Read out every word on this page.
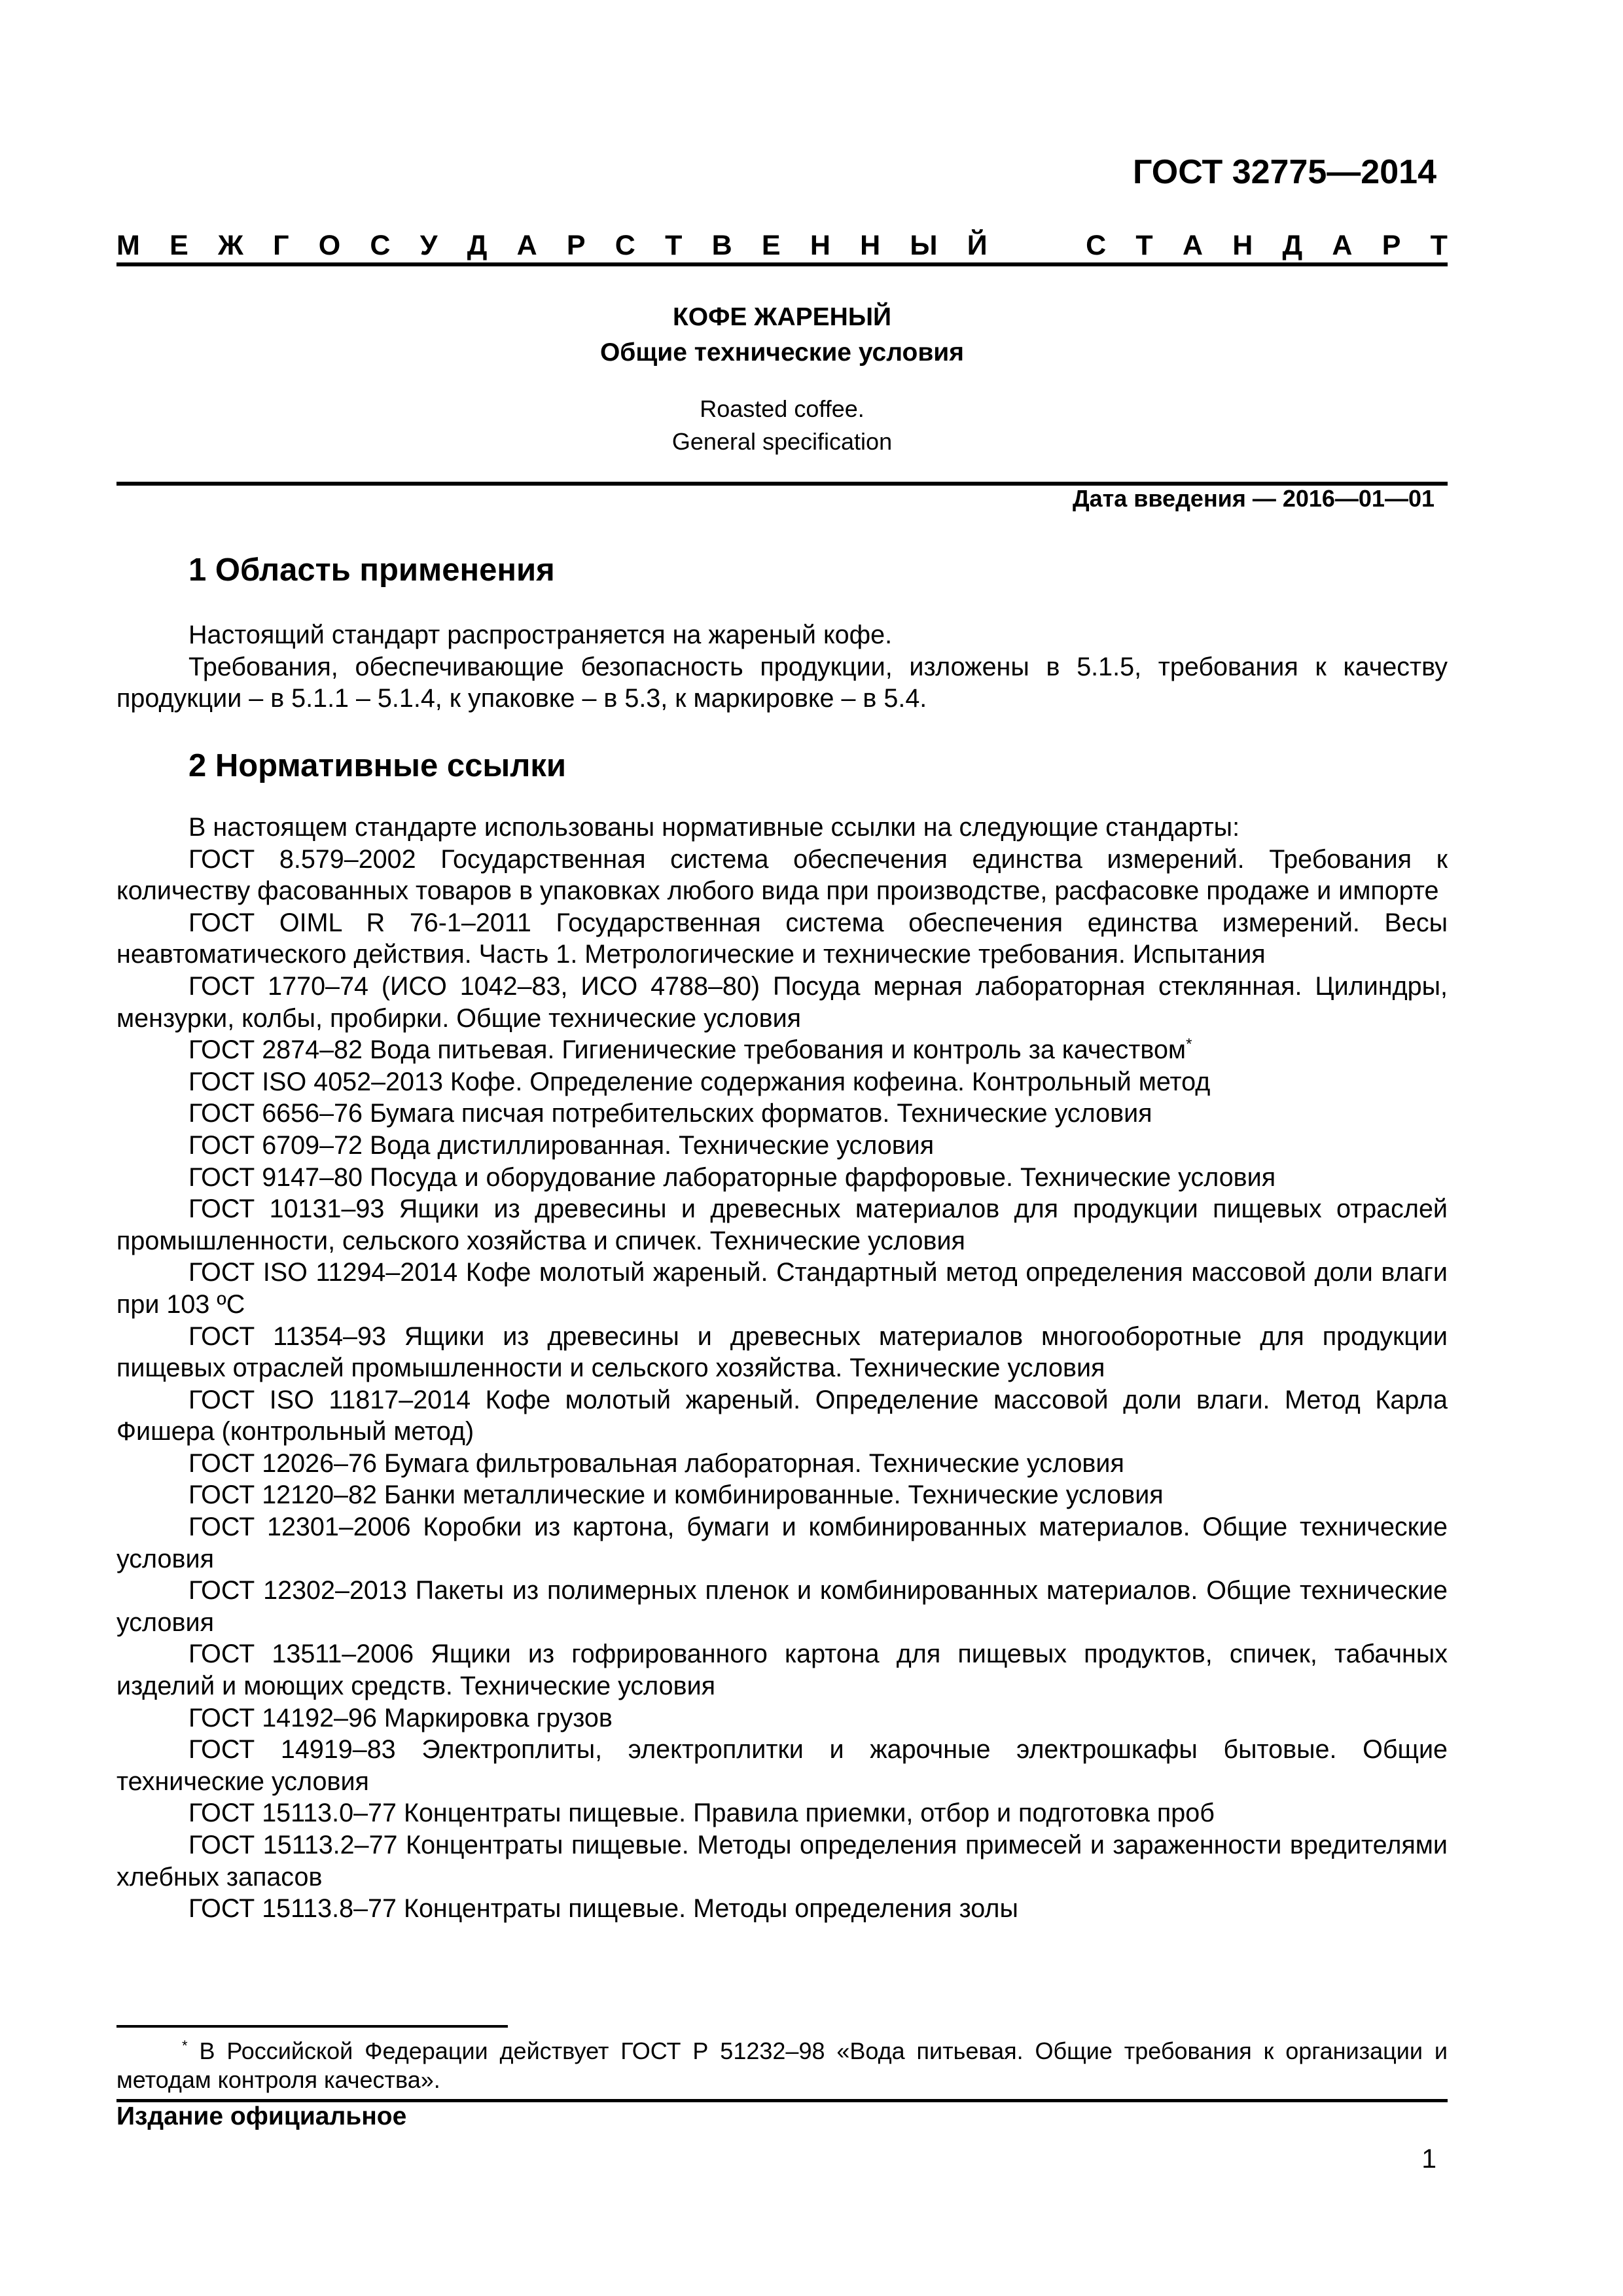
ГОСТ 32775—2014
М Е Ж Г О С У Д А Р С Т В Е Н Н Ы Й	С Т А Н Д А Р Т
КОФЕ ЖАРЕНЫЙ
Общие технические условия
Roasted coffee.
General specification
Дата введения — 2016—01—01
1 Область применения

Настоящий стандарт распространяется на жареный кофе.

Требования, обеспечивающие безопасность продукции, изложены в 5.1.5, требования к качеству продукции – в 5.1.1 – 5.1.4, к упаковке – в 5.3, к маркировке – в 5.4.

2 Нормативные ссылки

В настоящем стандарте использованы нормативные ссылки на следующие стандарты:

ГОСТ 8.579–2002 Государственная система обеспечения единства измерений. Требования к количеству фасованных товаров в упаковках любого вида при производстве, расфасовке продаже и импорте

ГОСТ OIML R 76-1–2011 Государственная система обеспечения единства измерений. Весы неавтоматического действия. Часть 1. Метрологические и технические требования. Испытания

ГОСТ 1770–74 (ИСО 1042–83, ИСО 4788–80) Посуда мерная лабораторная стеклянная. Цилиндры, мензурки, колбы, пробирки. Общие технические условия

ГОСТ 2874–82 Вода питьевая. Гигиенические требования и контроль за качеством*

ГОСТ ISO 4052–2013 Кофе. Определение содержания кофеина. Контрольный метод

ГОСТ 6656–76 Бумага писчая потребительских форматов. Технические условия

ГОСТ 6709–72 Вода дистиллированная. Технические условия

ГОСТ 9147–80 Посуда и оборудование лабораторные фарфоровые. Технические условия

ГОСТ 10131–93 Ящики из древесины и древесных материалов для продукции пищевых отраслей промышленности, сельского хозяйства и спичек. Технические условия

ГОСТ ISO 11294–2014 Кофе молотый жареный. Стандартный метод определения массовой доли влаги при 103 ºС

ГОСТ 11354–93 Ящики из древесины и древесных материалов многооборотные для продукции пищевых отраслей промышленности и сельского хозяйства. Технические условия

ГОСТ ISO 11817–2014 Кофе молотый жареный. Определение массовой доли влаги. Метод Карла Фишера (контрольный метод)

ГОСТ 12026–76 Бумага фильтровальная лабораторная. Технические условия

ГОСТ 12120–82 Банки металлические и комбинированные. Технические условия

ГОСТ 12301–2006 Коробки из картона, бумаги и комбинированных материалов. Общие технические условия

ГОСТ 12302–2013 Пакеты из полимерных пленок и комбинированных материалов. Общие технические условия

ГОСТ 13511–2006 Ящики из гофрированного картона для пищевых продуктов, спичек, табачных изделий и моющих средств. Технические условия

ГОСТ 14192–96 Маркировка грузов

ГОСТ 14919–83 Электроплиты, электроплитки и жарочные электрошкафы бытовые. Общие технические условия

ГОСТ 15113.0–77 Концентраты пищевые. Правила приемки, отбор и подготовка проб

ГОСТ 15113.2–77 Концентраты пищевые. Методы определения примесей и зараженности вредителями хлебных запасов

ГОСТ 15113.8–77 Концентраты пищевые. Методы определения золы

* В Российской Федерации действует ГОСТ Р 51232–98 «Вода питьевая. Общие требования к организации и методам контроля качества».

Издание официальное
1
